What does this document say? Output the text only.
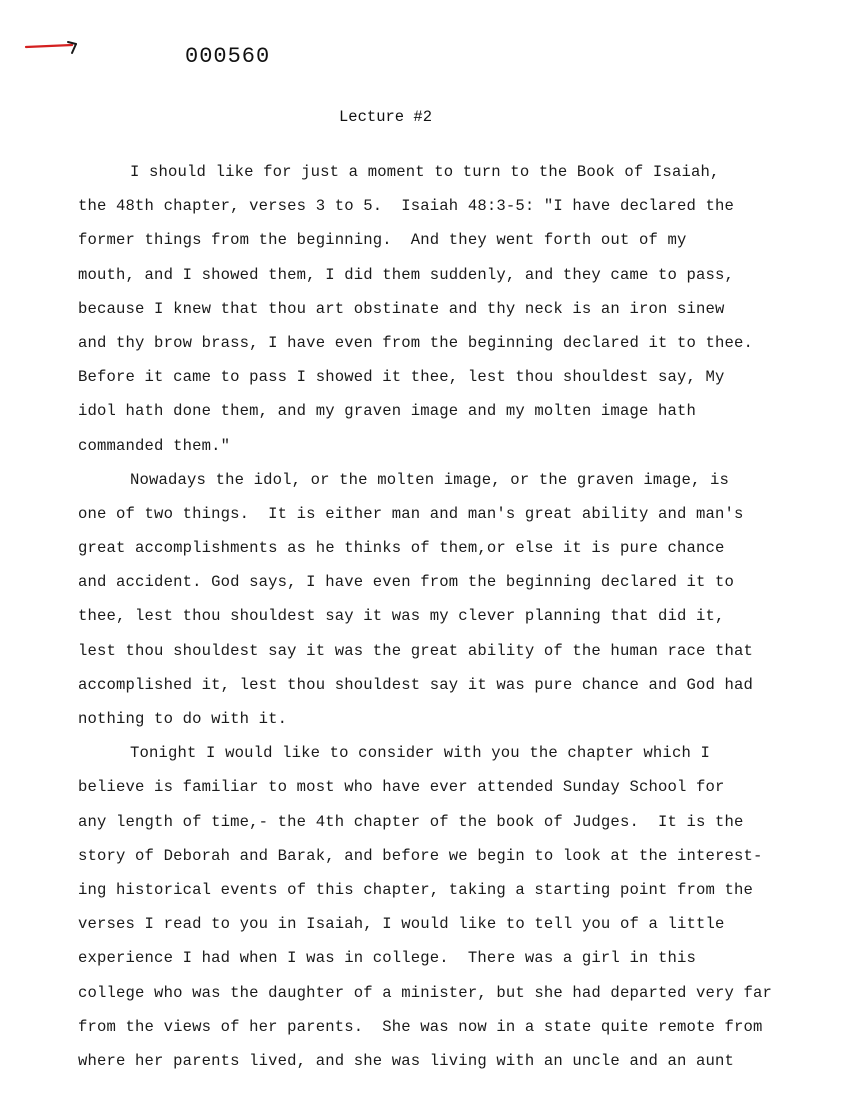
000560
Lecture #2
I should like for just a moment to turn to the Book of Isaiah,
the 48th chapter, verses 3 to 5.  Isaiah 48:3-5: "I have declared the
former things from the beginning.  And they went forth out of my
mouth, and I showed them, I did them suddenly, and they came to pass,
because I knew that thou art obstinate and thy neck is an iron sinew
and thy brow brass, I have even from the beginning declared it to thee.
Before it came to pass I showed it thee, lest thou shouldest say, My
idol hath done them, and my graven image and my molten image hath
commanded them."
Nowadays the idol, or the molten image, or the graven image, is
one of two things.  It is either man and man's great ability and man's
great accomplishments as he thinks of them,or else it is pure chance
and accident. God says, I have even from the beginning declared it to
thee, lest thou shouldest say it was my clever planning that did it,
lest thou shouldest say it was the great ability of the human race that
accomplished it, lest thou shouldest say it was pure chance and God had
nothing to do with it.
Tonight I would like to consider with you the chapter which I
believe is familiar to most who have ever attended Sunday School for
any length of time,- the 4th chapter of the book of Judges.  It is the
story of Deborah and Barak, and before we begin to look at the interest-
ing historical events of this chapter, taking a starting point from the
verses I read to you in Isaiah, I would like to tell you of a little
experience I had when I was in college.  There was a girl in this
college who was the daughter of a minister, but she had departed very far
from the views of her parents.  She was now in a state quite remote from
where her parents lived, and she was living with an uncle and an aunt
